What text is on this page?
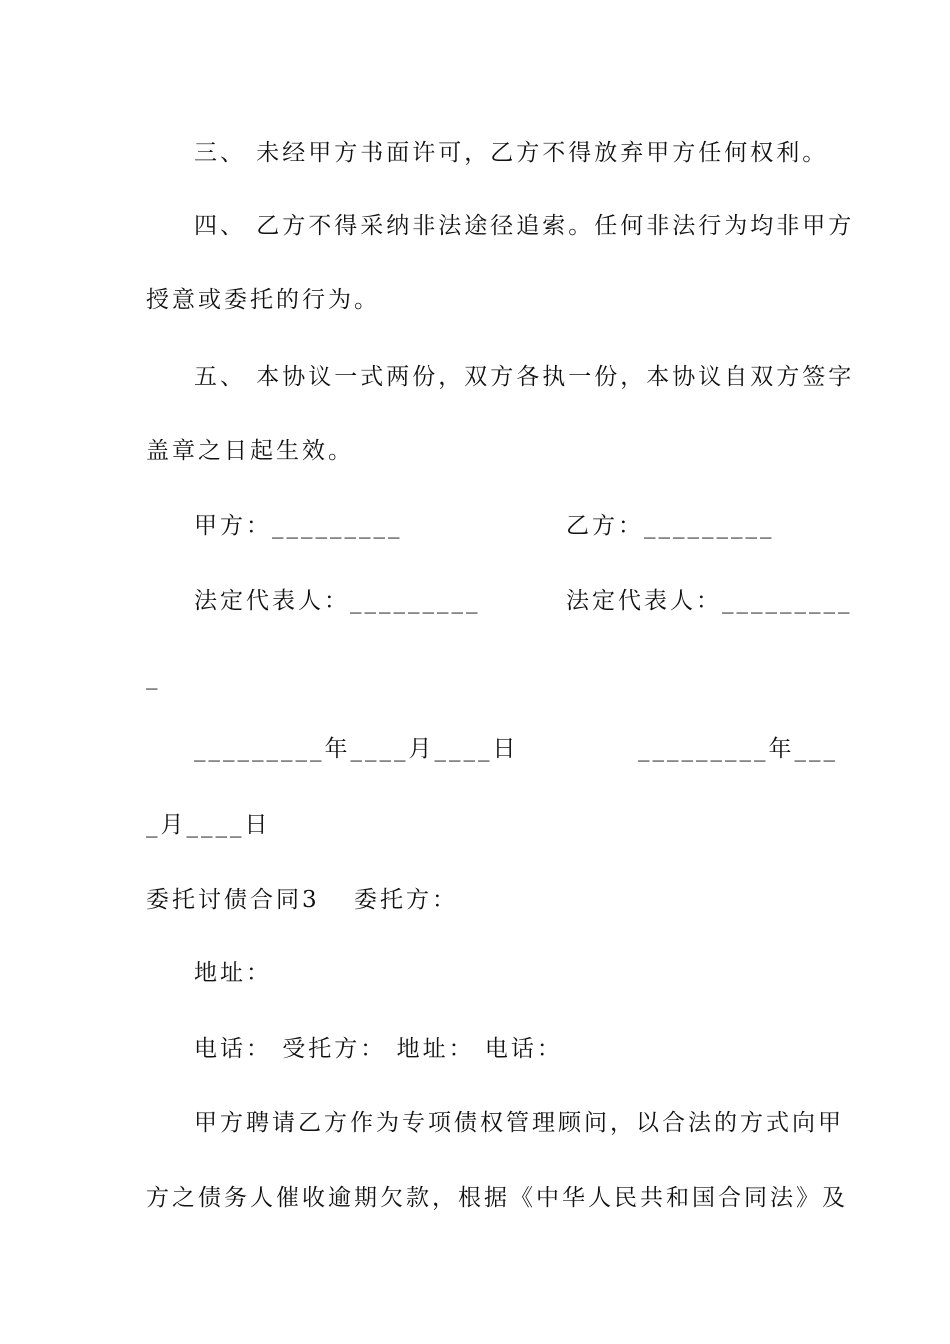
三、 未经甲方书面许可，乙方不得放弃甲方任何权利。
四、 乙方不得采纳非法途径追索。任何非法行为均非甲方
授意或委托的行为。
五、 本协议一式两份，双方各执一份，本协议自双方签字
盖章之日起生效。
甲方：_________	乙方：_________
法定代表人：_________	法定代表人：_________
_
_________年____月____日	_________年___
_月____日
委托讨债合同3 委托方：
地址：
电话： 受托方： 地址： 电话：
甲方聘请乙方作为专项债权管理顾问，以合法的方式向甲
方之债务人催收逾期欠款，根据《中华人民共和国合同法》及
